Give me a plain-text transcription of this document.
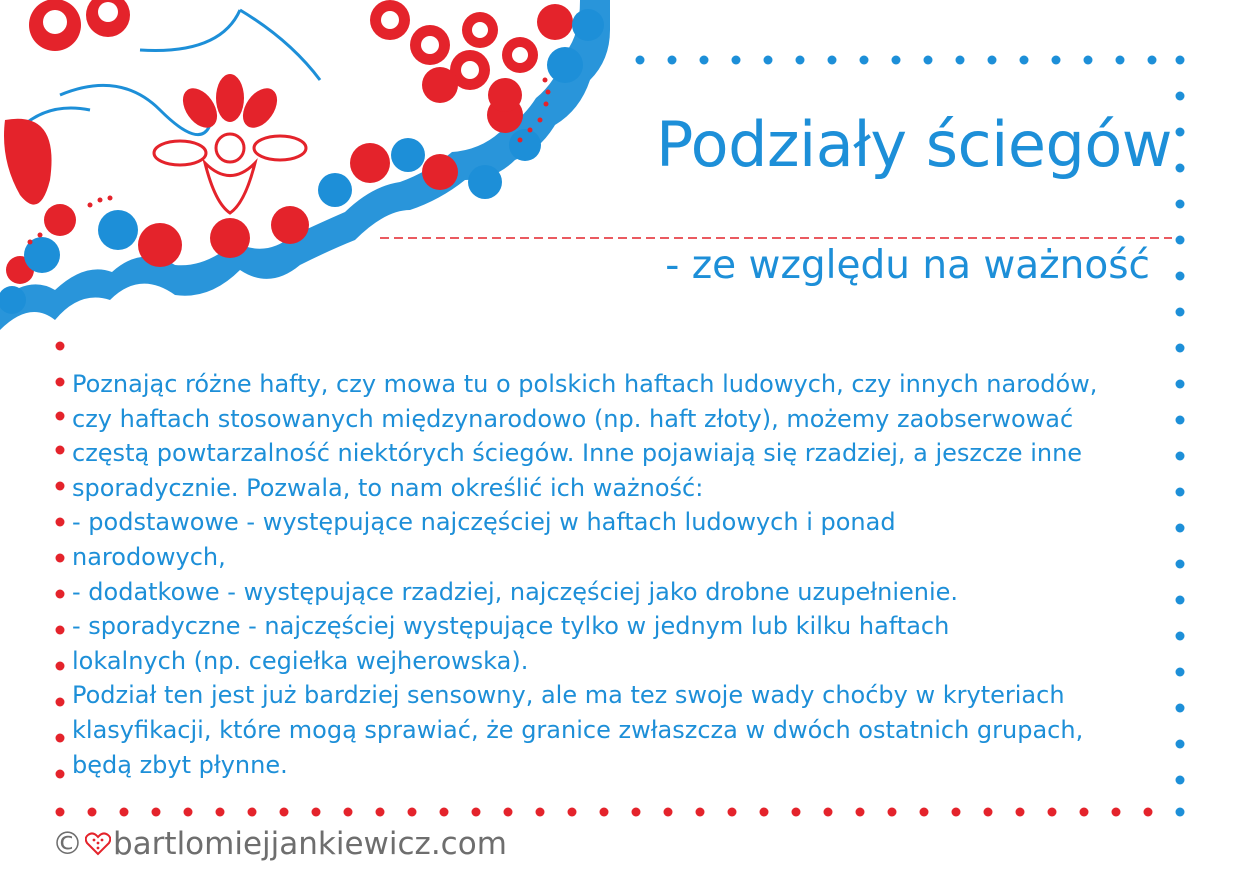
Podziały ściegów
- ze względu na ważność
Poznając różne hafty, czy mowa tu o polskich haftach ludowych, czy innych narodów,
czy haftach stosowanych międzynarodowo (np. haft złoty), możemy zaobserwować
częstą powtarzalność niektórych ściegów. Inne pojawiają się rzadziej, a jeszcze inne
sporadycznie. Pozwala, to nam określić ich ważność:
- podstawowe - występujące najczęściej w haftach ludowych i ponad
narodowych,
- dodatkowe - występujące rzadziej, najczęściej jako drobne uzupełnienie.
- sporadyczne - najczęściej występujące tylko w jednym lub kilku haftach
lokalnych (np. cegiełka wejherowska).
Podział ten jest już bardziej sensowny, ale ma tez swoje wady choćby w kryteriach
klasyfikacji, które mogą sprawiać, że granice zwłaszcza w dwóch ostatnich grupach,
będą zbyt płynne.
© bartlomiejjankiewicz.com
